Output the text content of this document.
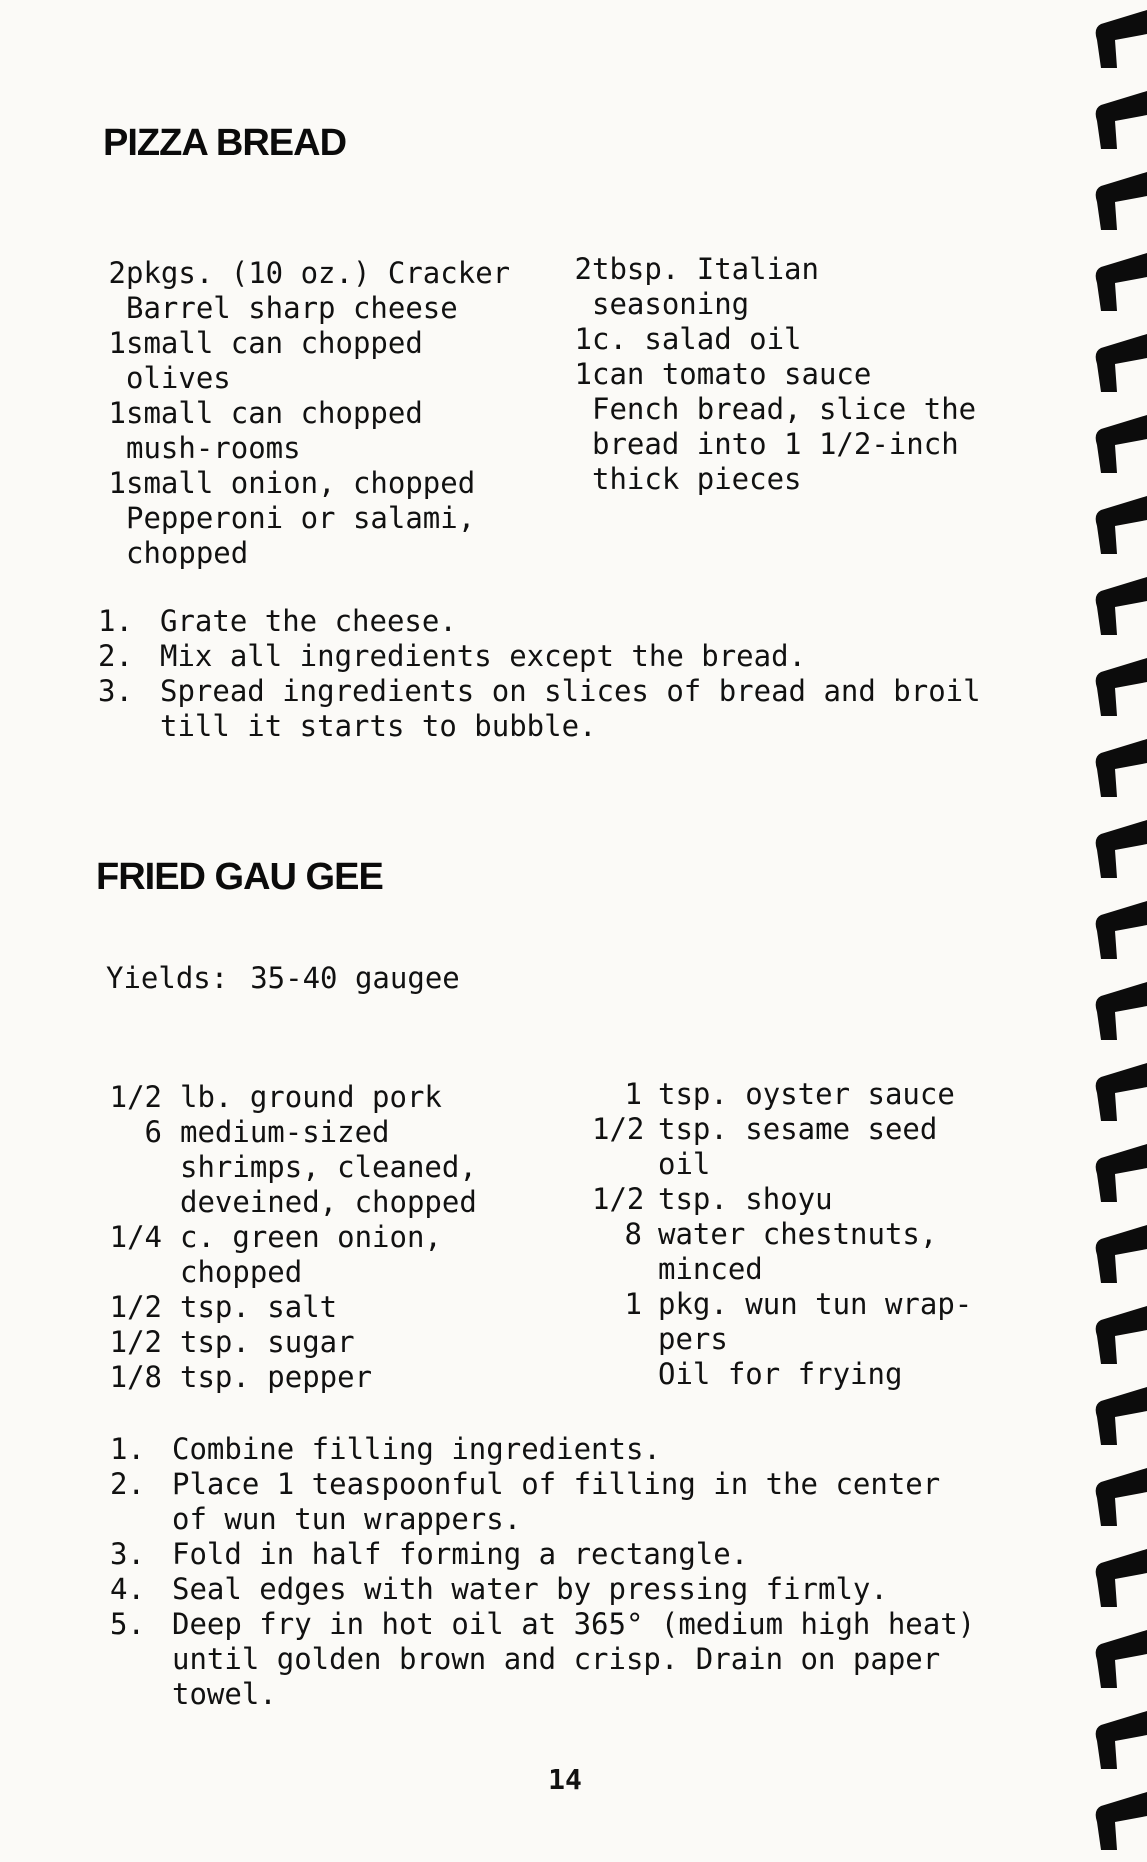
PIZZA BREAD
2 pkgs. (10 oz.) Cracker Barrel sharp cheese
1 small can chopped olives
1 small can chopped mush-rooms
1 small onion, chopped
Pepperoni or salami, chopped
2 tbsp. Italian seasoning
1 c. salad oil
1 can tomato sauce
Fench bread, slice the bread into 1 1/2-inch thick pieces
1. Grate the cheese.
2. Mix all ingredients except the bread.
3. Spread ingredients on slices of bread and broil till it starts to bubble.
FRIED GAU GEE
Yields: 35-40 gaugee
1/2 lb. ground pork
6 medium-sized shrimps, cleaned, deveined, chopped
1/4 c. green onion, chopped
1/2 tsp. salt
1/2 tsp. sugar
1/8 tsp. pepper
1 tsp. oyster sauce
1/2 tsp. sesame seed oil
1/2 tsp. shoyu
8 water chestnuts, minced
1 pkg. wun tun wrap-pers
Oil for frying
1. Combine filling ingredients.
2. Place 1 teaspoonful of filling in the center of wun tun wrappers.
3. Fold in half forming a rectangle.
4. Seal edges with water by pressing firmly.
5. Deep fry in hot oil at 365° (medium high heat) until golden brown and crisp. Drain on paper towel.
14
